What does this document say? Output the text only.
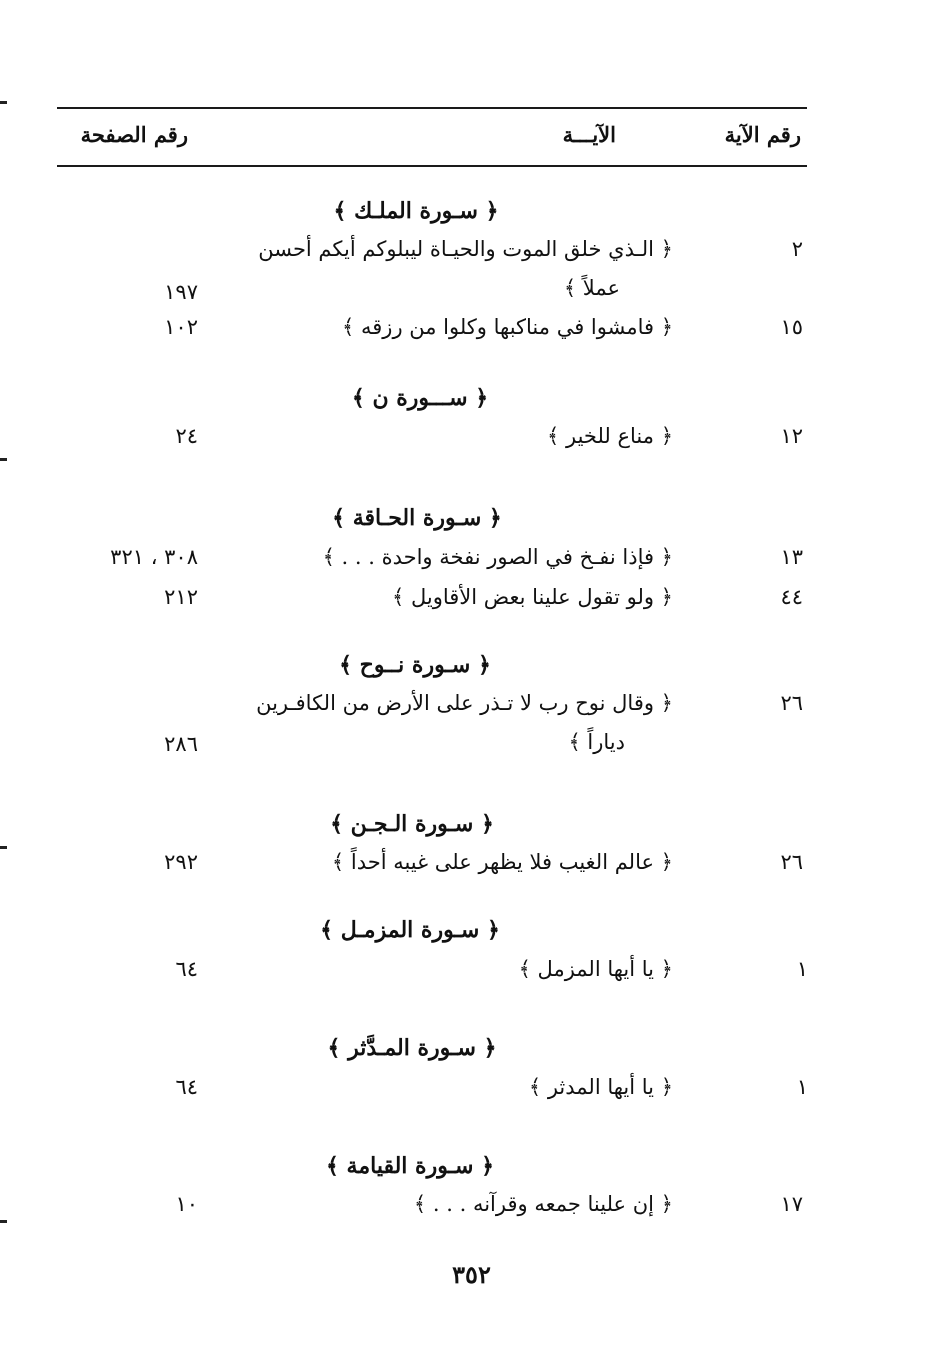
رقم الآية
الآيـــة
رقم الصفحة
﴿ سـورة الملـك ﴾
٢
﴿ الـذي خلق الموت والحيـاة ليبلوكم أيكم أحسن
عملاً ﴾
١٩٧
١٥
﴿ فامشوا في مناكبها وكلوا من رزقه ﴾
١٠٢
﴿ ســـورة ن ﴾
١٢
﴿ مناع للخير ﴾
٢٤
﴿ سـورة الحـاقة ﴾
١٣
﴿ فإذا نفـخ في الصور نفخة واحدة . . . ﴾
٣٠٨ ، ٣٢١
٤٤
﴿ ولو تقول علينا بعض الأقاويل ﴾
٢١٢
﴿ سـورة نــوح ﴾
٢٦
﴿ وقال نوح رب لا تـذر على الأرض من الكافـرين
دياراً ﴾
٢٨٦
﴿ سـورة الـجـن ﴾
٢٦
﴿ عالم الغيب فلا يظهر على غيبه أحداً ﴾
٢٩٢
﴿ سـورة المزمـل ﴾
١
﴿ يا أيها المزمل ﴾
٦٤
﴿ سـورة المـدَّثر ﴾
١
﴿ يا أيها المدثر ﴾
٦٤
﴿ سـورة القيامة ﴾
١٧
﴿ إن علينا جمعه وقرآنه . . . ﴾
١٠
٣٥٢
